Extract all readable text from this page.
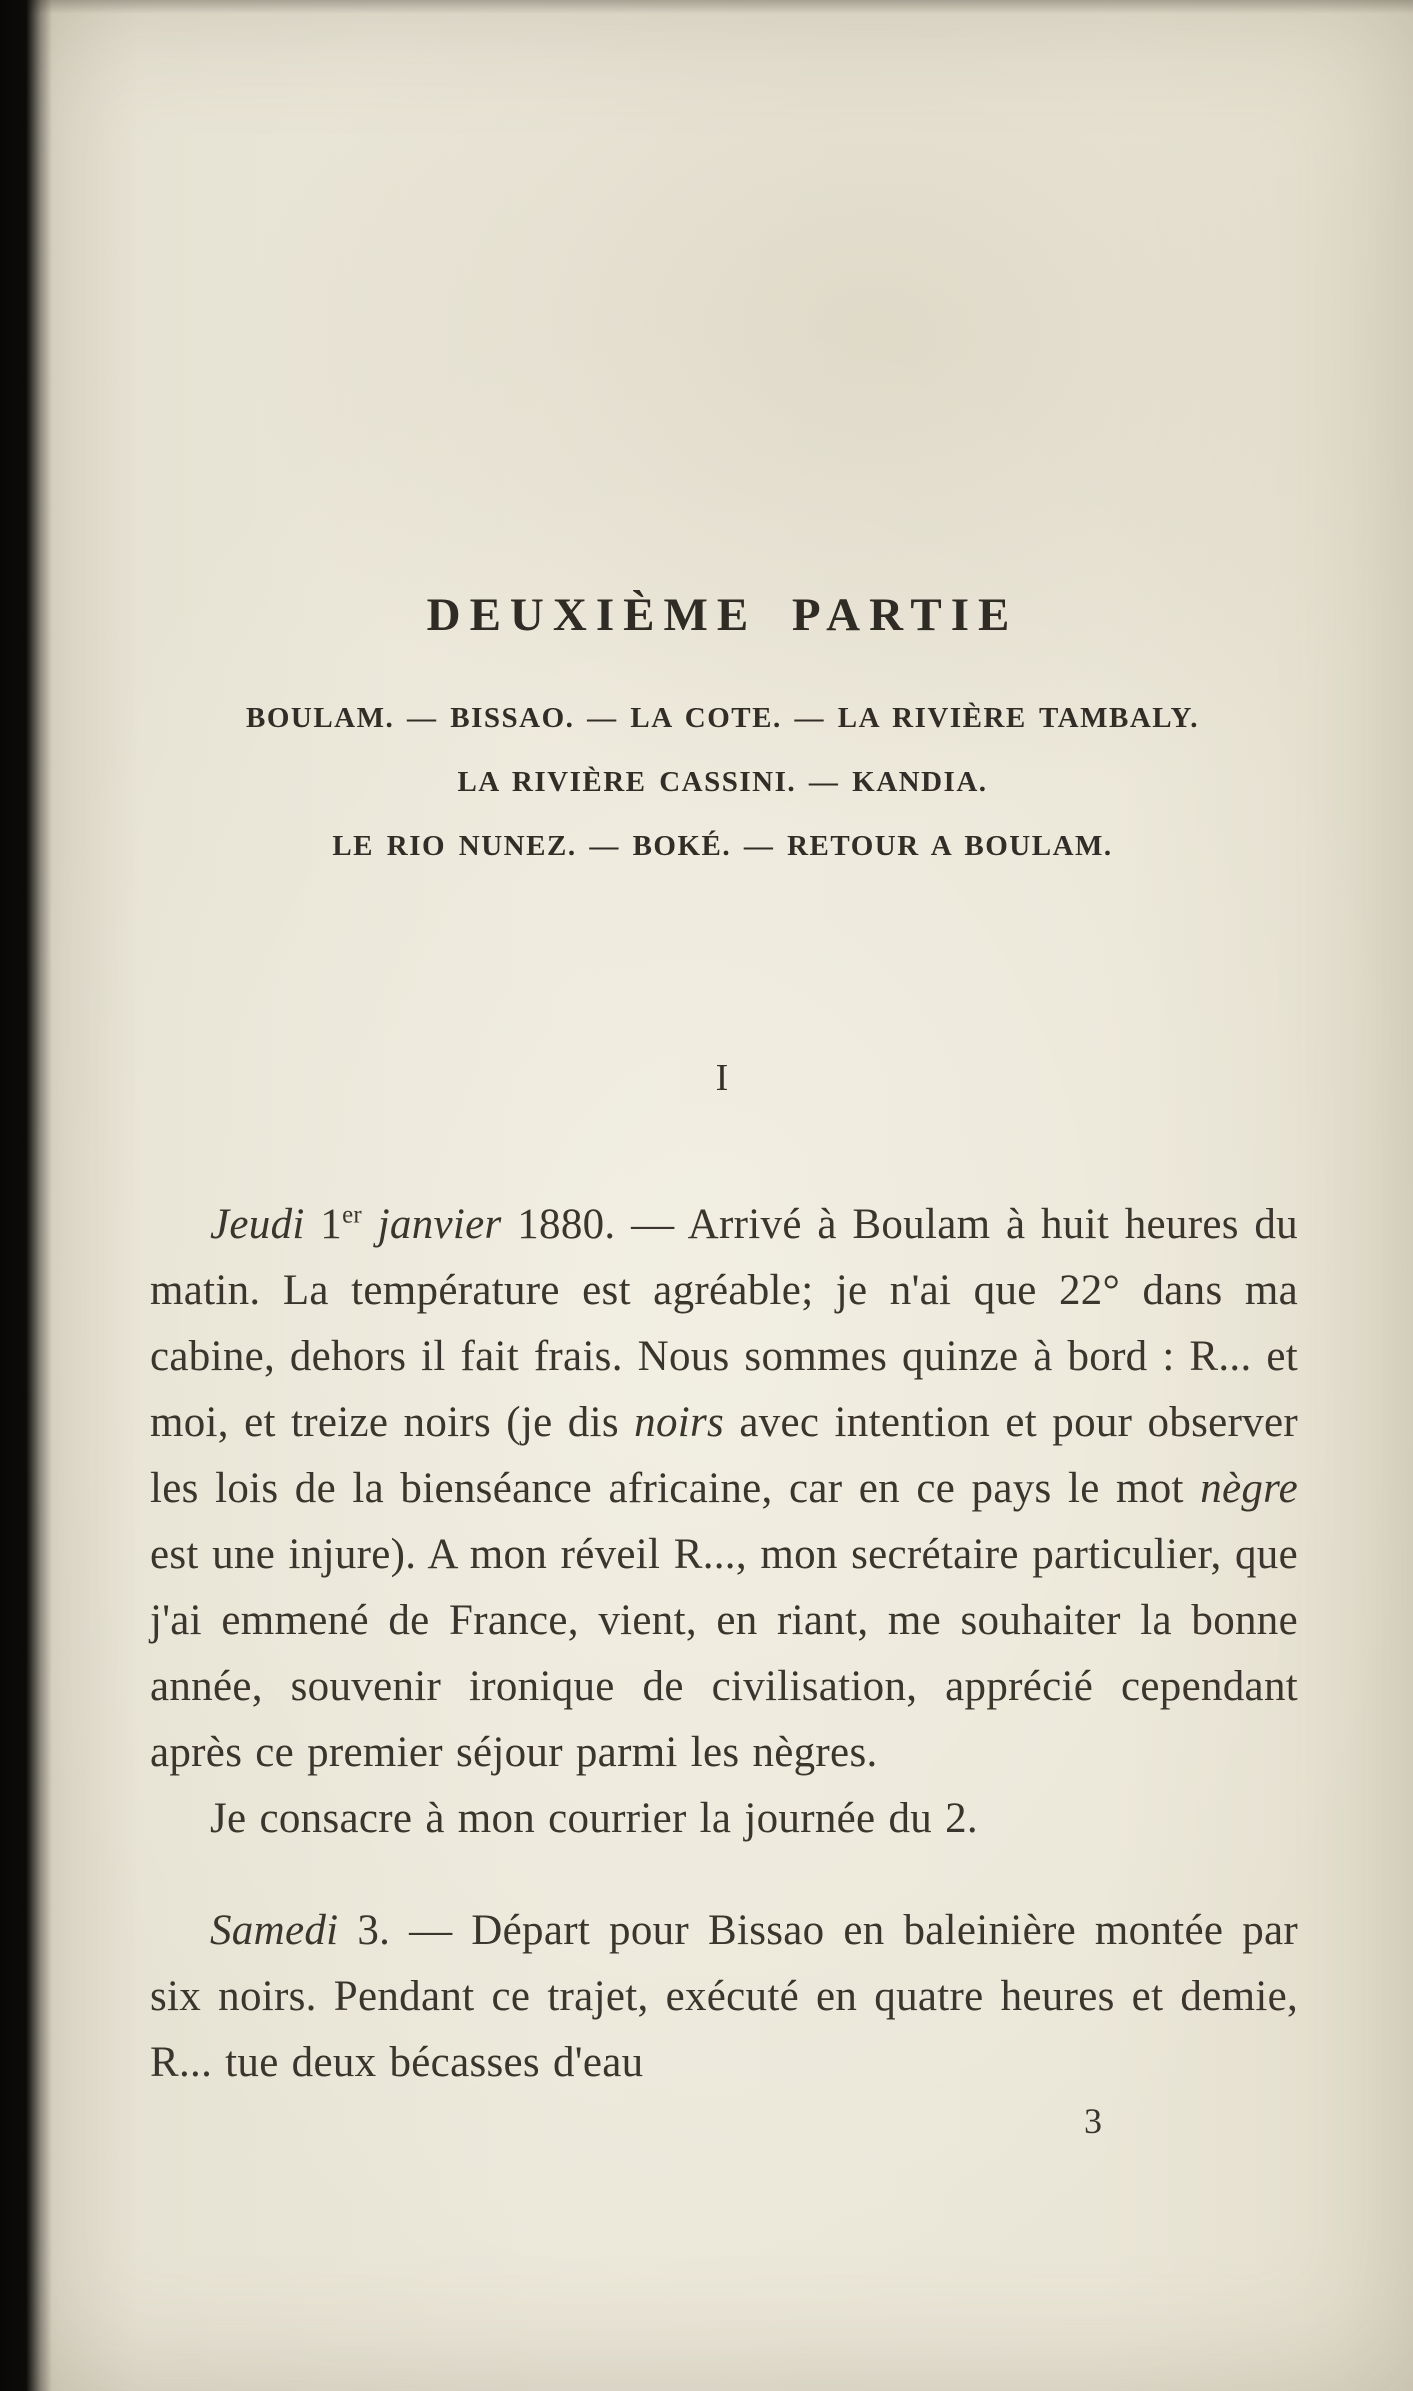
DEUXIÈME PARTIE
BOULAM. — BISSAO. — LA COTE. — LA RIVIÈRE TAMBALY.
LA RIVIÈRE CASSINI. — KANDIA.
LE RIO NUNEZ. — BOKÉ. — RETOUR A BOULAM.
I

Jeudi 1er janvier 1880. — Arrivé à Boulam à huit heures du matin. La température est agréable; je n'ai que 22° dans ma cabine, dehors il fait frais. Nous sommes quinze à bord : R... et moi, et treize noirs (je dis noirs avec intention et pour observer les lois de la bienséance africaine, car en ce pays le mot nègre est une injure). A mon réveil R..., mon secrétaire particulier, que j'ai emmené de France, vient, en riant, me souhaiter la bonne année, souvenir ironique de civilisation, apprécié cependant après ce premier séjour parmi les nègres.

Je consacre à mon courrier la journée du 2.

Samedi 3. — Départ pour Bissao en baleinière montée par six noirs. Pendant ce trajet, exécuté en quatre heures et demie, R... tue deux bécasses d'eau

3
